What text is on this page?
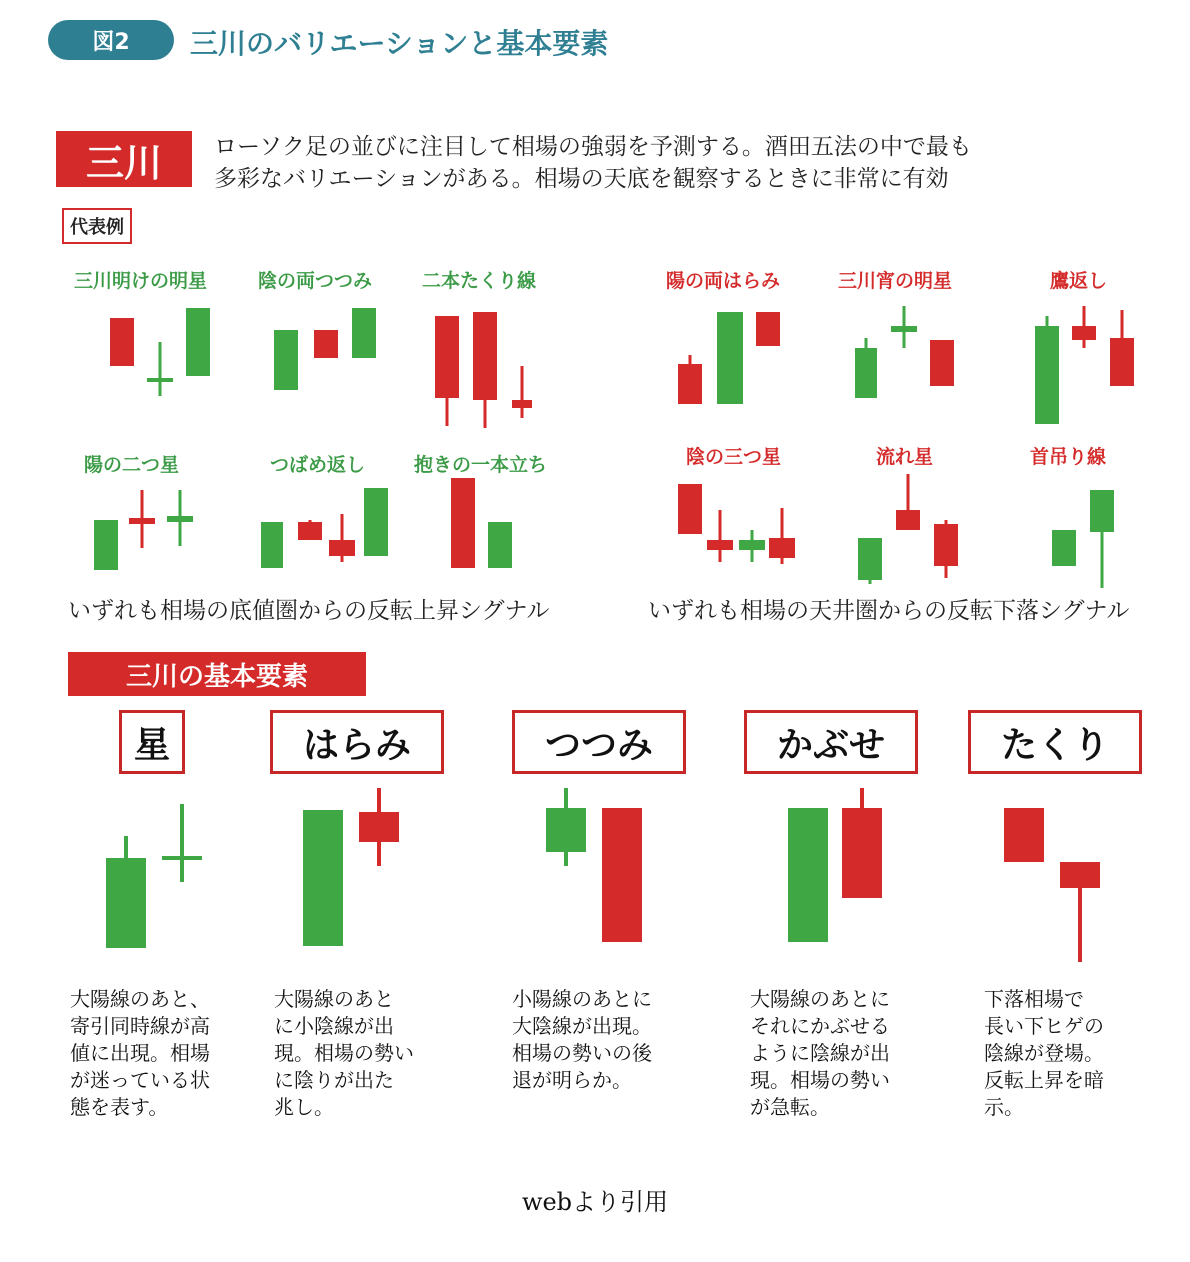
図2	三川のバリエーションと基本要素
三川	ローソク足の並びに注目して相場の強弱を予測する。酒田五法の中で最も
多彩なバリエーションがある。相場の天底を観察するときに非常に有効
代表例
三川明けの明星	陰の両つつみ	二本たくり線
陽の二つ星	つばめ返し	抱きの一本立ち
陽の両はらみ	三川宵の明星	鷹返し
陰の三つ星	流れ星	首吊り線
いずれも相場の底値圏からの反転上昇シグナル	いずれも相場の天井圏からの反転下落シグナル
三川の基本要素
星	はらみ	つつみ	かぶせ	たくり
大陽線のあと、
寄引同時線が高
値に出現。相場
が迷っている状
態を表す。
大陽線のあと
に小陰線が出
現。相場の勢い
に陰りが出た
兆し。
小陽線のあとに
大陰線が出現。
相場の勢いの後
退が明らか。
大陽線のあとに
それにかぶせる
ように陰線が出
現。相場の勢い
が急転。
下落相場で
長い下ヒゲの
陰線が登場。
反転上昇を暗
示。
webより引用
